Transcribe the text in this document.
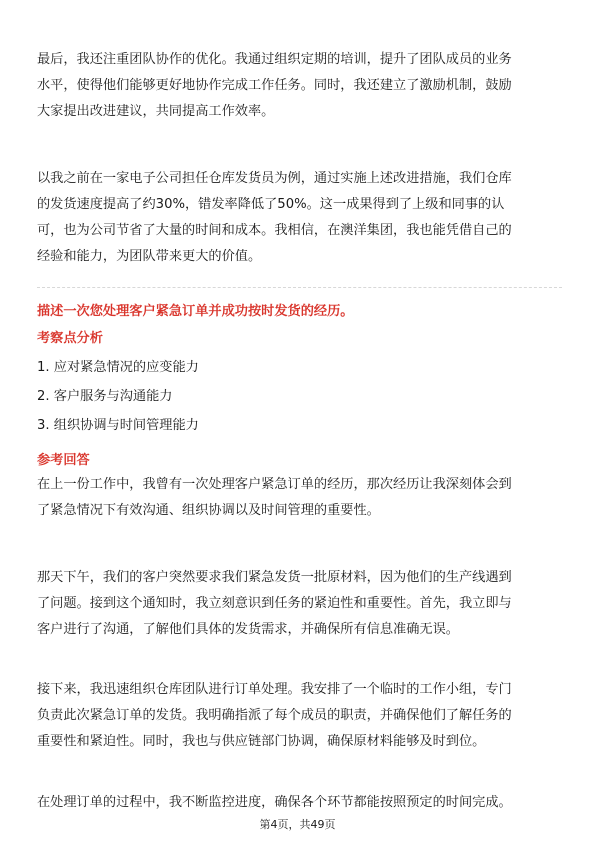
最后，我还注重团队协作的优化。我通过组织定期的培训，提升了团队成员的业务
水平，使得他们能够更好地协作完成工作任务。同时，我还建立了激励机制，鼓励
大家提出改进建议，共同提高工作效率。
以我之前在一家电子公司担任仓库发货员为例，通过实施上述改进措施，我们仓库
的发货速度提高了约30%，错发率降低了50%。这一成果得到了上级和同事的认
可，也为公司节省了大量的时间和成本。我相信，在澳洋集团，我也能凭借自己的
经验和能力，为团队带来更大的价值。
描述一次您处理客户紧急订单并成功按时发货的经历。
考察点分析
1. 应对紧急情况的应变能力
2. 客户服务与沟通能力
3. 组织协调与时间管理能力
参考回答
在上一份工作中，我曾有一次处理客户紧急订单的经历，那次经历让我深刻体会到
了紧急情况下有效沟通、组织协调以及时间管理的重要性。
那天下午，我们的客户突然要求我们紧急发货一批原材料，因为他们的生产线遇到
了问题。接到这个通知时，我立刻意识到任务的紧迫性和重要性。首先，我立即与
客户进行了沟通，了解他们具体的发货需求，并确保所有信息准确无误。
接下来，我迅速组织仓库团队进行订单处理。我安排了一个临时的工作小组，专门
负责此次紧急订单的发货。我明确指派了每个成员的职责，并确保他们了解任务的
重要性和紧迫性。同时，我也与供应链部门协调，确保原材料能够及时到位。
在处理订单的过程中，我不断监控进度，确保各个环节都能按照预定的时间完成。
第4页，共49页
